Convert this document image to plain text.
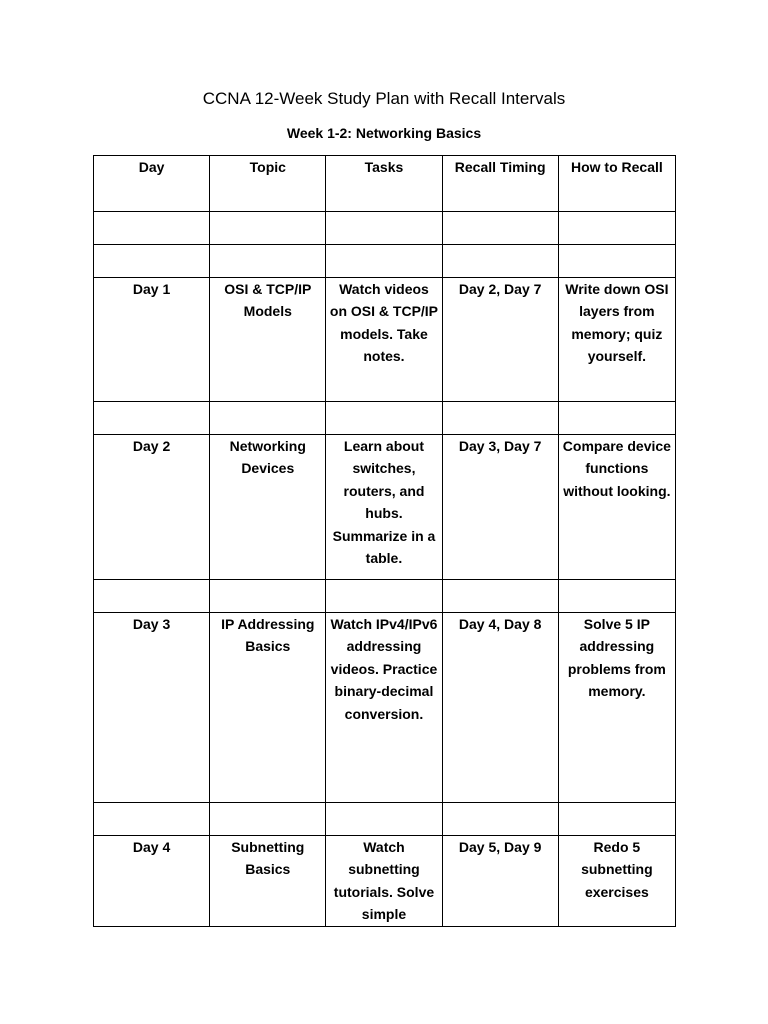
CCNA 12-Week Study Plan with Recall Intervals
Week 1-2: Networking Basics
Day	Topic	Tasks	Recall Timing	How to Recall

Day 1	OSI & TCP/IP Models	Watch videos on OSI & TCP/IP models. Take notes.	Day 2, Day 7	Write down OSI layers from memory; quiz yourself.

Day 2	Networking Devices	Learn about switches, routers, and hubs. Summarize in a table.	Day 3, Day 7	Compare device functions without looking.

Day 3	IP Addressing Basics	Watch IPv4/IPv6 addressing videos. Practice binary-decimal conversion.	Day 4, Day 8	Solve 5 IP addressing problems from memory.

Day 4	Subnetting Basics	Watch subnetting tutorials. Solve simple	Day 5, Day 9	Redo 5 subnetting exercises
